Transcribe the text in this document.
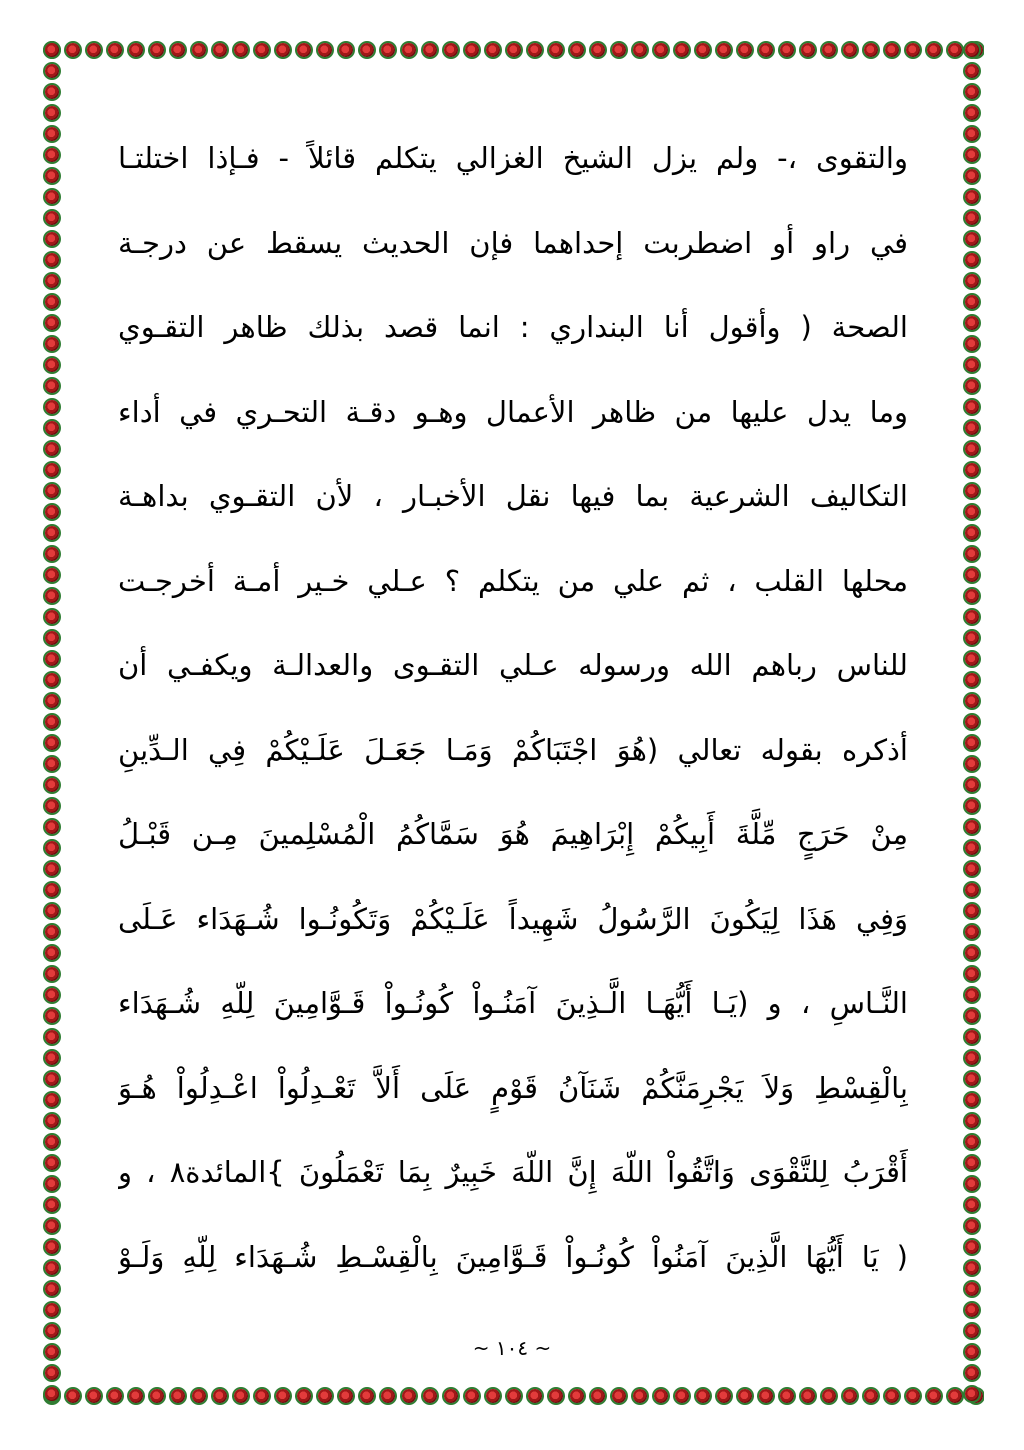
والتقوى ،- ولم يزل الشيخ الغزالي يتكلم قائلاً - فـإذا اختلتـا
في راو أو اضطربت إحداهما فإن الحديث يسقط عن درجـة
الصحة ( وأقول أنا البنداري : انما قصد بذلك ظاهر التقـوي
وما يدل عليها من ظاهر الأعمال وهـو دقـة التحـري في أداء
التكاليف الشرعية بما فيها نقل الأخبـار ، لأن التقـوي بداهـة
محلها القلب ، ثم علي من يتكلم ؟ عـلي خـير أمـة أخرجـت
للناس رباهم الله ورسوله عـلي التقـوى والعدالـة ويكفـي أن
أذكره بقوله تعالي (هُوَ اجْتَبَاكُمْ وَمَـا جَعَـلَ عَلَـيْكُمْ فِي الـدِّينِ
مِنْ حَرَجٍ مِّلَّةَ أَبِيكُمْ إِبْرَاهِيمَ هُوَ سَمَّاكُمُ الْمُسْلِمينَ مِـن قَبْـلُ
وَفِي هَذَا لِيَكُونَ الرَّسُولُ شَهِيداً عَلَـيْكُمْ وَتَكُونُـوا شُـهَدَاء عَـلَى
النَّـاسِ ، و (يَـا أَيُّهَـا الَّـذِينَ آمَنُـواْ كُونُـواْ قَـوَّامِينَ لِلّهِ شُـهَدَاء
بِالْقِسْطِ وَلاَ يَجْرِمَنَّكُمْ شَنَآنُ قَوْمٍ عَلَى أَلاَّ تَعْـدِلُواْ اعْـدِلُواْ هُـوَ
أَقْرَبُ لِلتَّقْوَى وَاتَّقُواْ اللّهَ إِنَّ اللّهَ خَبِيرٌ بِمَا تَعْمَلُونَ }المائدة٨ ، و
( يَا أَيُّهَا الَّذِينَ آمَنُواْ كُونُـواْ قَـوَّامِينَ بِالْقِسْـطِ شُـهَدَاء لِلّهِ وَلَـوْ
~ ١٠٤ ~
